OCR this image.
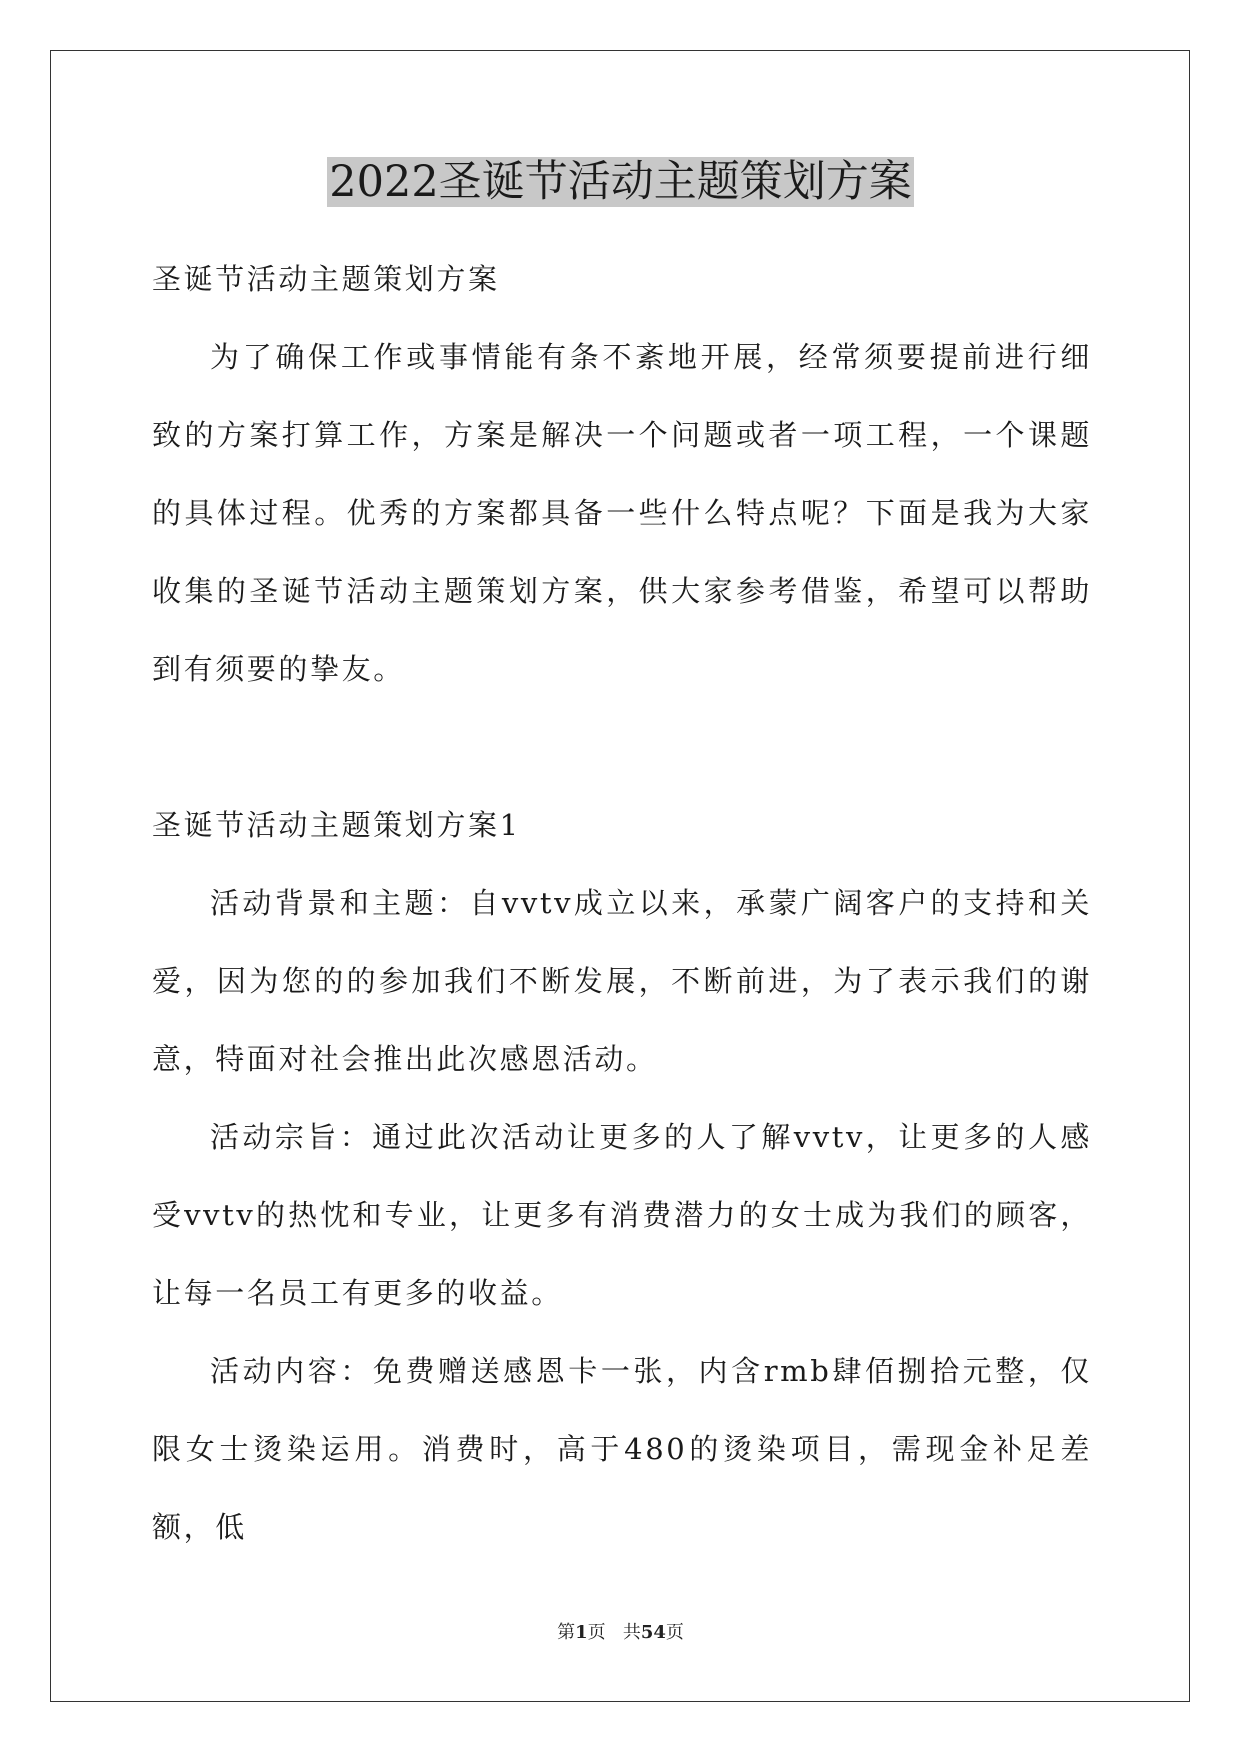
2022圣诞节活动主题策划方案

圣诞节活动主题策划方案

为了确保工作或事情能有条不紊地开展，经常须要提前进行细致的方案打算工作，方案是解决一个问题或者一项工程，一个课题的具体过程。优秀的方案都具备一些什么特点呢？下面是我为大家收集的圣诞节活动主题策划方案，供大家参考借鉴，希望可以帮助到有须要的挚友。

圣诞节活动主题策划方案1

活动背景和主题：自vvtv成立以来，承蒙广阔客户的支持和关爱，因为您的的参加我们不断发展，不断前进，为了表示我们的谢意，特面对社会推出此次感恩活动。

活动宗旨：通过此次活动让更多的人了解vvtv，让更多的人感受vvtv的热忱和专业，让更多有消费潜力的女士成为我们的顾客，让每一名员工有更多的收益。

活动内容：免费赠送感恩卡一张，内含rmb肆佰捌拾元整，仅限女士烫染运用。消费时，高于480的烫染项目，需现金补足差额，低

第1页 共54页
